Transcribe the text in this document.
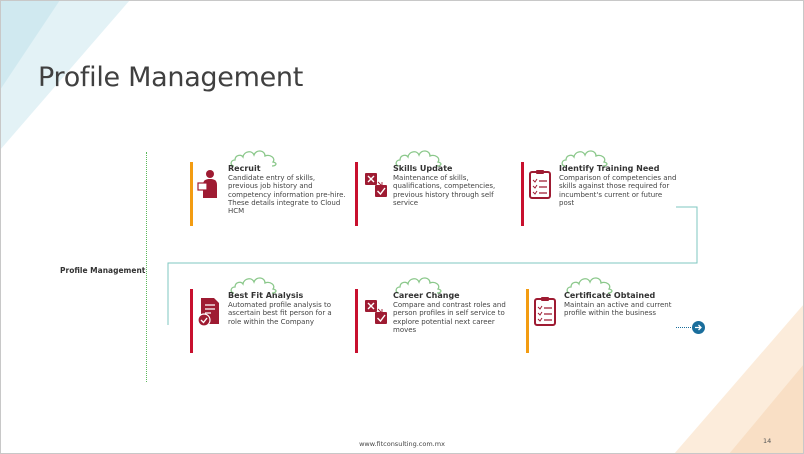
Profile Management
Profile Management
Recruit
Candidate entry of skills, previous job history and competency information pre-hire. These details integrate to Cloud HCM
Skills Update
Maintenance of skills, qualifications, competencies, previous history through self service
Identify Training Need
Comparison of competencies and skills against those required for incumbent's current or future post
Best Fit Analysis
Automated profile analysis to ascertain best fit person for a role within the Company
Career Change
Compare and contrast roles and person profiles in self service to explore potential next career moves
Certificate Obtained
Maintain an active and current profile within the business
www.fitconsulting.com.mx	14
